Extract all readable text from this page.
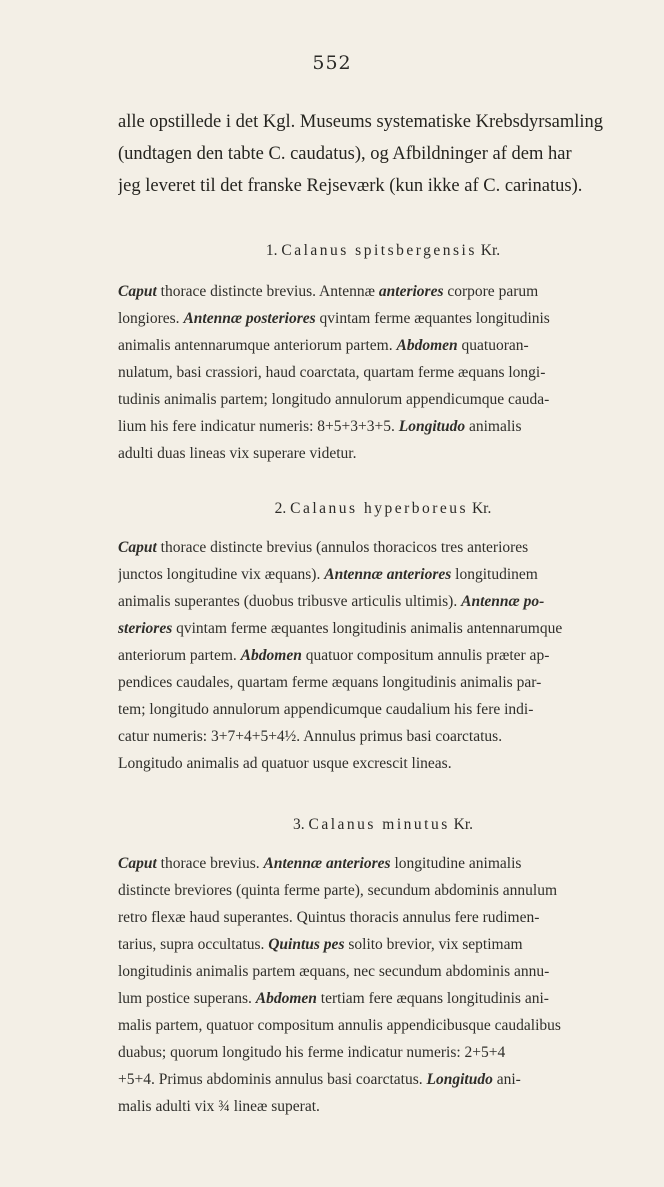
552
alle opstillede i det Kgl. Museums systematiske Krebsdyrsamling
(undtagen den tabte C. caudatus), og Afbildninger af dem har
jeg leveret til det franske Rejseværk (kun ikke af C. carinatus).
1. Calanus spitsbergensis Kr.
Caput thorace distincte brevius. Antennæ anteriores corpore parum
longiores. Antennæ posteriores qvintam ferme æquantes longitudinis
animalis antennarumque anteriorum partem. Abdomen quatuoran-
nulatum, basi crassiori, haud coarctata, quartam ferme æquans longi-
tudinis animalis partem; longitudo annulorum appendicumque cauda-
lium his fere indicatur numeris: 8+5+3+3+5. Longitudo animalis
adulti duas lineas vix superare videtur.
2. Calanus hyperboreus Kr.
Caput thorace distincte brevius (annulos thoracicos tres anteriores
junctos longitudine vix æquans). Antennæ anteriores longitudinem
animalis superantes (duobus tribusve articulis ultimis). Antennæ po-
steriores qvintam ferme æquantes longitudinis animalis antennarumque
anteriorum partem. Abdomen quatuor compositum annulis præter ap-
pendices caudales, quartam ferme æquans longitudinis animalis par-
tem; longitudo annulorum appendicumque caudalium his fere indi-
catur numeris: 3+7+4+5+4½. Annulus primus basi coarctatus.
Longitudo animalis ad quatuor usque excrescit lineas.
3. Calanus minutus Kr.
Caput thorace brevius. Antennæ anteriores longitudine animalis
distincte breviores (quinta ferme parte), secundum abdominis annulum
retro flexæ haud superantes. Quintus thoracis annulus fere rudimen-
tarius, supra occultatus. Quintus pes solito brevior, vix septimam
longitudinis animalis partem æquans, nec secundum abdominis annu-
lum postice superans. Abdomen tertiam fere æquans longitudinis ani-
malis partem, quatuor compositum annulis appendicibusque caudalibus
duabus; quorum longitudo his ferme indicatur numeris: 2+5+4
+5+4. Primus abdominis annulus basi coarctatus. Longitudo ani-
malis adulti vix ¾ lineæ superat.
